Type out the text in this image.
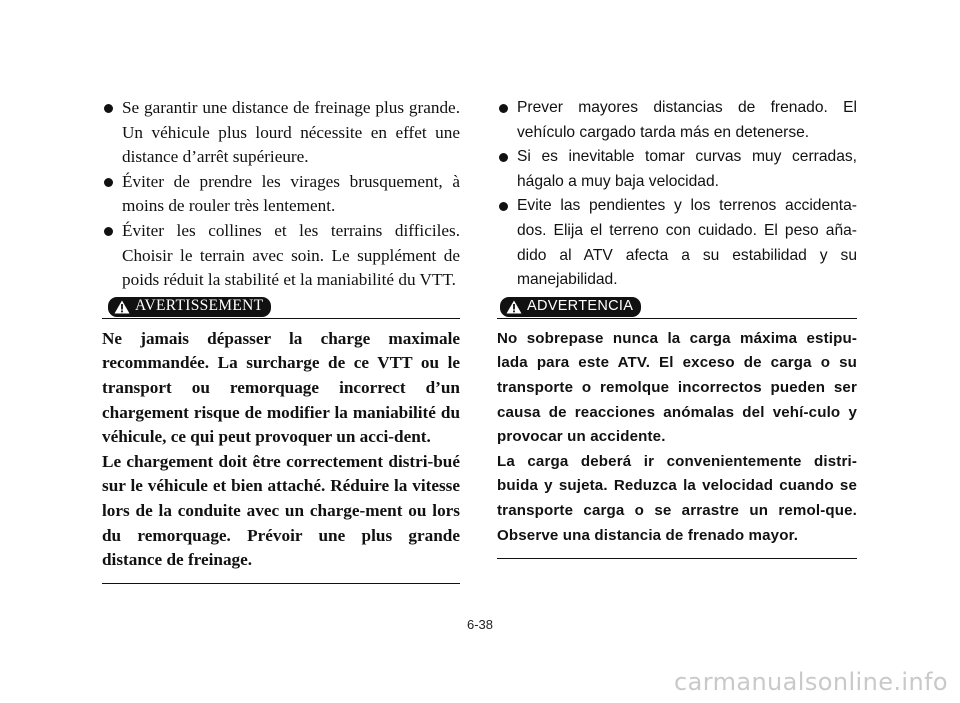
Se garantir une distance de freinage plus grande. Un véhicule plus lourd nécessite en effet une distance d’arrêt supérieure.
Éviter de prendre les virages brusquement, à moins de rouler très lentement.
Éviter les collines et les terrains difficiles. Choisir le terrain avec soin. Le supplément de poids réduit la stabilité et la maniabilité du VTT.
AVERTISSEMENT

Ne jamais dépasser la charge maximale recommandée. La surcharge de ce VTT ou le transport ou remorquage incorrect d’un chargement risque de modifier la maniabilité du véhicule, ce qui peut provoquer un acci-dent.

Le chargement doit être correctement distri-bué sur le véhicule et bien attaché. Réduire la vitesse lors de la conduite avec un charge-ment ou lors du remorquage. Prévoir une plus grande distance de freinage.

Prever mayores distancias de frenado. El vehículo cargado tarda más en detenerse.
Si es inevitable tomar curvas muy cerradas, hágalo a muy baja velocidad.
Evite las pendientes y los terrenos accidenta-dos. Elija el terreno con cuidado. El peso aña-dido al ATV afecta a su estabilidad y su manejabilidad.
ADVERTENCIA

No sobrepase nunca la carga máxima estipu-lada para este ATV. El exceso de carga o su transporte o remolque incorrectos pueden ser causa de reacciones anómalas del vehí-culo y provocar un accidente.

La carga deberá ir convenientemente distri-buida y sujeta. Reduzca la velocidad cuando se transporte carga o se arrastre un remol-que. Observe una distancia de frenado mayor.

6-38
carmanualsonline.info
